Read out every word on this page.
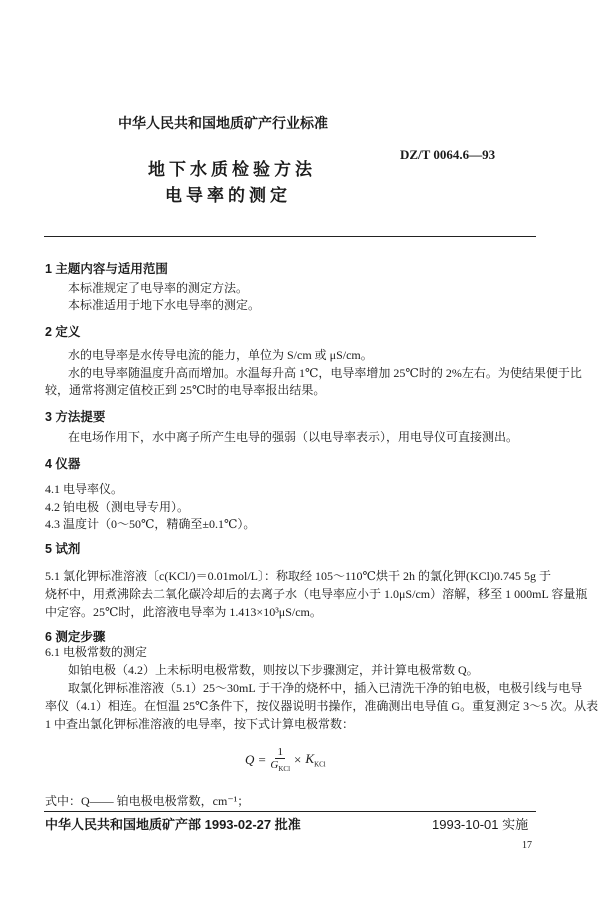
中华人民共和国地质矿产行业标准
DZ/T 0064.6—93
地下水质检验方法
电导率的测定
1 主题内容与适用范围
本标准规定了电导率的测定方法。
本标准适用于地下水电导率的测定。
2 定义
水的电导率是水传导电流的能力，单位为 S/cm 或 μS/cm。
水的电导率随温度升高而增加。水温每升高 1℃，电导率增加 25℃时的 2%左右。为使结果便于比
较，通常将测定值校正到 25℃时的电导率报出结果。
3 方法提要
在电场作用下，水中离子所产生电导的强弱（以电导率表示），用电导仪可直接测出。
4 仪器
4.1 电导率仪。
4.2 铂电极（测电导专用）。
4.3 温度计（0～50℃，精确至±0.1℃）。
5 试剂
5.1 氯化钾标准溶液〔c(KCl/)＝0.01mol/L〕：称取经 105～110℃烘干 2h 的氯化钾(KCl)0.745 5g 于
烧杯中，用煮沸除去二氧化碳冷却后的去离子水（电导率应小于 1.0μS/cm）溶解，移至 1 000mL 容量瓶
中定容。25℃时，此溶液电导率为 1.413×10³μS/cm。
6 测定步骤
6.1 电极常数的测定
如铂电极（4.2）上未标明电极常数，则按以下步骤测定，并计算电极常数 Q。
取氯化钾标准溶液（5.1）25～30mL 于干净的烧杯中，插入已清洗干净的铂电极，电极引线与电导
率仪（4.1）相连。在恒温 25℃条件下，按仪器说明书操作，准确测出电导值 G。重复测定 3～5 次。从表
1 中查出氯化钾标准溶液的电导率，按下式计算电极常数：
$Q = \frac{1}{G_{KCl}} \times K_{KCl}$
式中：Q—— 铂电极电极常数，cm⁻¹；
中华人民共和国地质矿产部 1993-02-27 批准	1993-10-01 实施
17
